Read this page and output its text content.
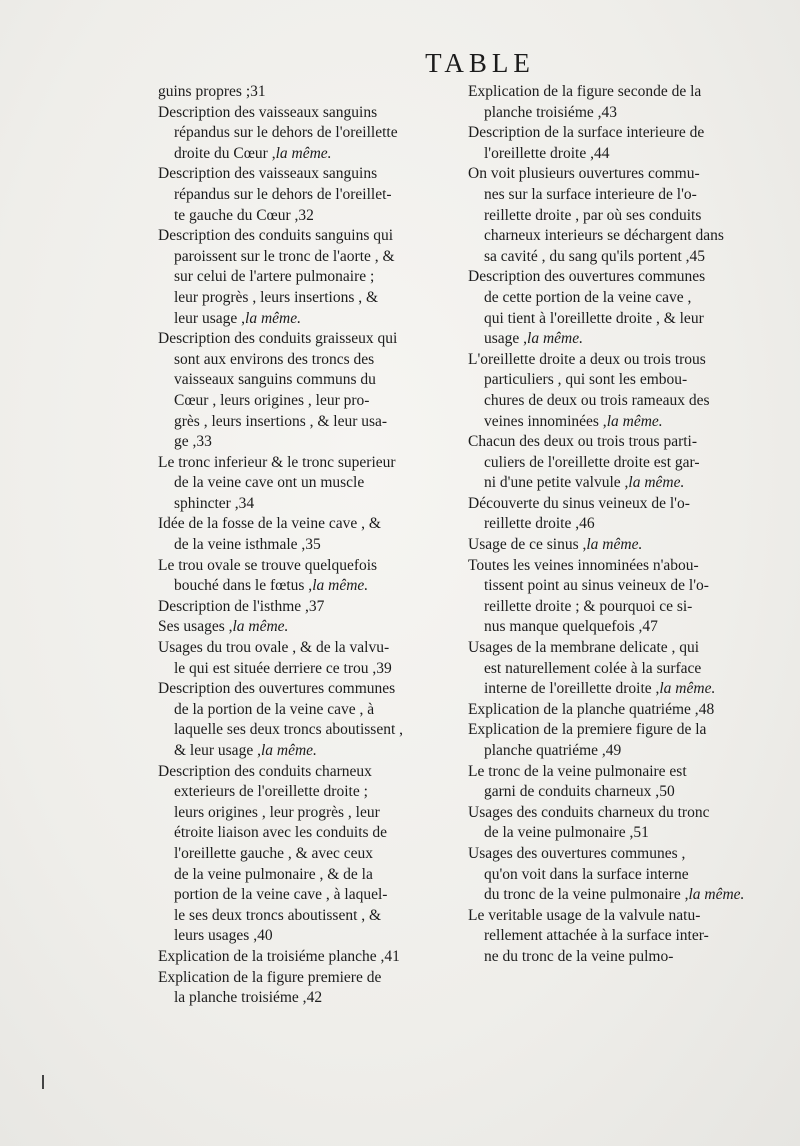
TABLE
guins propres ;31
Description des vaisseaux sanguins
répandus sur le dehors de l'oreillette
droite du Cœur ,la même.
Description des vaisseaux sanguins
répandus sur le dehors de l'oreillet-
te gauche du Cœur ,32
Description des conduits sanguins qui
paroissent sur le tronc de l'aorte , &
sur celui de l'artere pulmonaire ;
leur progrès , leurs insertions , &
leur usage ,la même.
Description des conduits graisseux qui
sont aux environs des troncs des
vaisseaux sanguins communs du
Cœur , leurs origines , leur pro-
grès , leurs insertions , & leur usa-
ge ,33
Le tronc inferieur & le tronc superieur
de la veine cave ont un muscle
sphincter ,34
Idée de la fosse de la veine cave , &
de la veine isthmale ,35
Le trou ovale se trouve quelquefois
bouché dans le fœtus ,la même.
Description de l'isthme ,37
Ses usages ,la même.
Usages du trou ovale , & de la valvu-
le qui est située derriere ce trou ,39
Description des ouvertures communes
de la portion de la veine cave , à
laquelle ses deux troncs aboutissent ,
& leur usage ,la même.
Description des conduits charneux
exterieurs de l'oreillette droite ;
leurs origines , leur progrès , leur
étroite liaison avec les conduits de
l'oreillette gauche , & avec ceux
de la veine pulmonaire , & de la
portion de la veine cave , à laquel-
le ses deux troncs aboutissent , &
leurs usages ,40
Explication de la troisiéme planche ,41
Explication de la figure premiere de
la planche troisiéme ,42
Explication de la figure seconde de la
planche troisiéme ,43
Description de la surface interieure de
l'oreillette droite ,44
On voit plusieurs ouvertures commu-
nes sur la surface interieure de l'o-
reillette droite , par où ses conduits
charneux interieurs se déchargent dans
sa cavité , du sang qu'ils portent ,45
Description des ouvertures communes
de cette portion de la veine cave ,
qui tient à l'oreillette droite , & leur
usage ,la même.
L'oreillette droite a deux ou trois trous
particuliers , qui sont les embou-
chures de deux ou trois rameaux des
veines innominées ,la même.
Chacun des deux ou trois trous parti-
culiers de l'oreillette droite est gar-
ni d'une petite valvule ,la même.
Découverte du sinus veineux de l'o-
reillette droite ,46
Usage de ce sinus ,la même.
Toutes les veines innominées n'abou-
tissent point au sinus veineux de l'o-
reillette droite ; & pourquoi ce si-
nus manque quelquefois ,47
Usages de la membrane delicate , qui
est naturellement colée à la surface
interne de l'oreillette droite ,la même.
Explication de la planche quatriéme ,48
Explication de la premiere figure de la
planche quatriéme ,49
Le tronc de la veine pulmonaire est
garni de conduits charneux ,50
Usages des conduits charneux du tronc
de la veine pulmonaire ,51
Usages des ouvertures communes ,
qu'on voit dans la surface interne
du tronc de la veine pulmonaire ,la même.
Le veritable usage de la valvule natu-
rellement attachée à la surface inter-
ne du tronc de la veine pulmo-
